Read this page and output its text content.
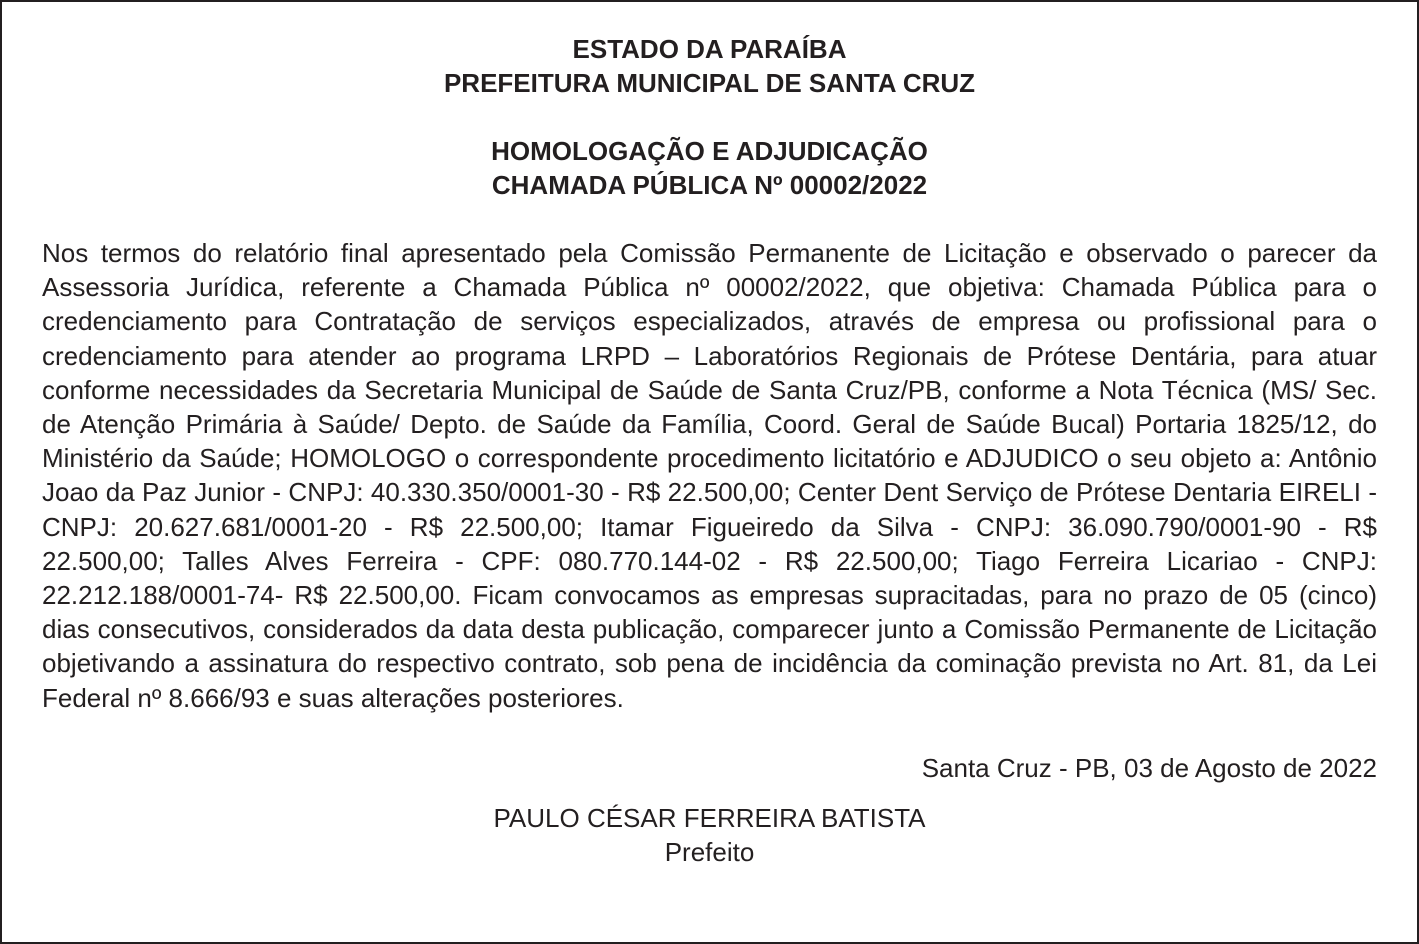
ESTADO DA PARAÍBA
PREFEITURA MUNICIPAL DE SANTA CRUZ
HOMOLOGAÇÃO E ADJUDICAÇÃO
CHAMADA PÚBLICA Nº 00002/2022
Nos termos do relatório final apresentado pela Comissão Permanente de Licitação e observado o parecer da Assessoria Jurídica, referente a Chamada Pública nº 00002/2022, que objetiva: Chamada Pública para o credenciamento para Contratação de serviços especializados, através de empresa ou profissional para o credenciamento para atender ao programa LRPD – Laboratórios Regionais de Prótese Dentária, para atuar conforme necessidades da Secretaria Municipal de Saúde de Santa Cruz/PB, conforme a Nota Técnica (MS/ Sec. de Atenção Primária à Saúde/ Depto. de Saúde da Família, Coord. Geral de Saúde Bucal) Portaria 1825/12, do Ministério da Saúde; HOMOLOGO o correspondente procedimento licitatório e ADJUDICO o seu objeto a: Antônio Joao da Paz Junior - CNPJ: 40.330.350/0001-30 - R$ 22.500,00; Center Dent Serviço de Prótese Dentaria EIRELI - CNPJ: 20.627.681/0001-20 - R$ 22.500,00; Itamar Figueiredo da Silva - CNPJ: 36.090.790/0001-90 - R$ 22.500,00; Talles Alves Ferreira - CPF: 080.770.144-02 - R$ 22.500,00; Tiago Ferreira Licariao - CNPJ: 22.212.188/0001-74- R$ 22.500,00. Ficam convocamos as empresas supracitadas, para no prazo de 05 (cinco) dias consecutivos, considerados da data desta publicação, comparecer junto a Comissão Permanente de Licitação objetivando a assinatura do respectivo contrato, sob pena de incidência da cominação prevista no Art. 81, da Lei Federal nº 8.666/93 e suas alterações posteriores.
Santa Cruz - PB, 03 de Agosto de 2022
PAULO CÉSAR FERREIRA BATISTA
Prefeito
